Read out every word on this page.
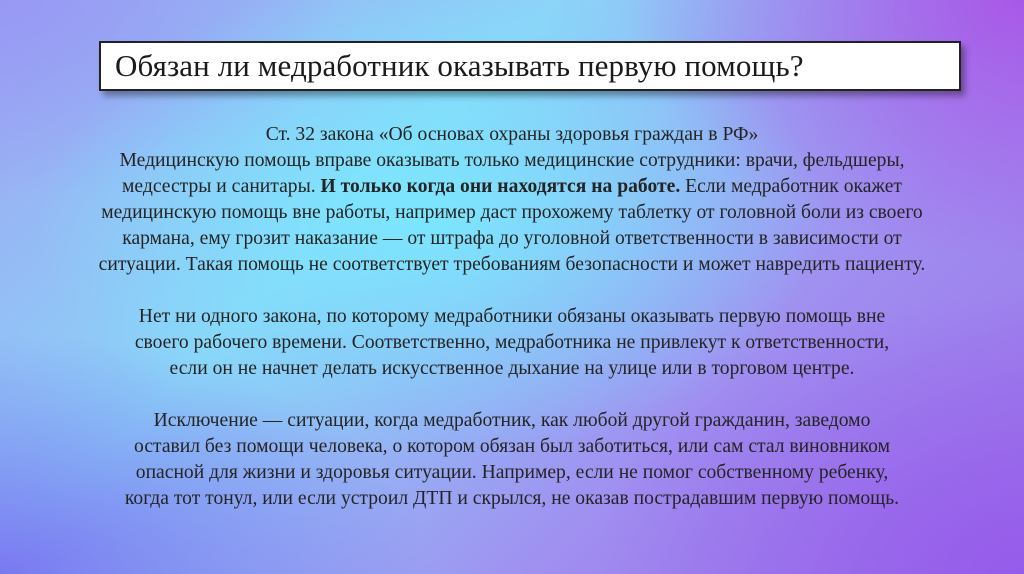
Обязан ли медработник оказывать первую помощь?

Ст. 32 закона «Об основах охраны здоровья граждан в РФ»
Медицинскую помощь вправе оказывать только медицинские сотрудники: врачи, фельдшеры,
медсестры и санитары. И только когда они находятся на работе. Если медработник окажет
медицинскую помощь вне работы, например даст прохожему таблетку от головной боли из своего
кармана, ему грозит наказание — от штрафа до уголовной ответственности в зависимости от
ситуации. Такая помощь не соответствует требованиям безопасности и может навредить пациенту.

Нет ни одного закона, по которому медработники обязаны оказывать первую помощь вне
своего рабочего времени. Соответственно, медработника не привлекут к ответственности,
если он не начнет делать искусственное дыхание на улице или в торговом центре.

Исключение — ситуации, когда медработник, как любой другой гражданин, заведомо
оставил без помощи человека, о котором обязан был заботиться, или сам стал виновником
опасной для жизни и здоровья ситуации. Например, если не помог собственному ребенку,
когда тот тонул, или если устроил ДТП и скрылся, не оказав пострадавшим первую помощь.
